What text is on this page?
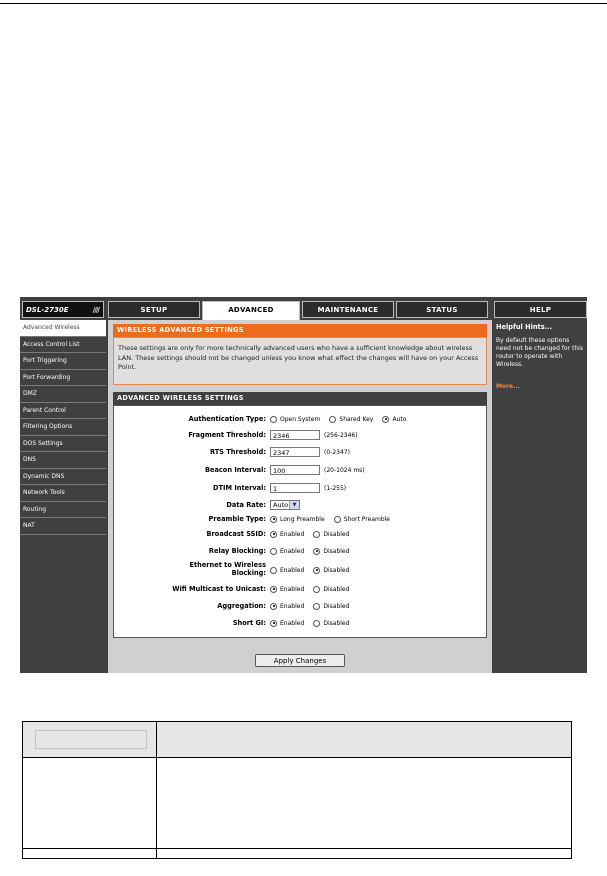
DSL-2730E	////	SETUP	ADVANCED	MAINTENANCE	STATUS	HELP
Advanced Wireless
Access Control List
Port Triggering
Port Forwarding
DMZ
Parent Control
Filtering Options
DOS Settings
DNS
Dynamic DNS
Network Tools
Routing
NAT
WIRELESS ADVANCED SETTINGS
These settings are only for more technically advanced users who have a sufficient knowledge about wireless LAN. These settings should not be changed unless you know what effect the changes will have on your Access Point.
ADVANCED WIRELESS SETTINGS
Authentication Type:	Open System	Shared Key	Auto
Fragment Threshold:	2346	(256-2346)
RTS Threshold:	2347	(0-2347)
Beacon Interval:	100	(20-1024 ms)
DTIM Interval:	1	(1-255)
Data Rate:	Auto ▼
Preamble Type:	Long Preamble	Short Preamble
Broadcast SSID:	Enabled	Disabled
Relay Blocking:	Enabled	Disabled
Ethernet to Wireless
Blocking:	Enabled	Disabled
Wifi Multicast to Unicast:	Enabled	Disabled
Aggregation:	Enabled	Disabled
Short GI:	Enabled	Disabled
Apply Changes
Helpful Hints...
By default these options need not be changed for this router to operate with Wireless.
More...
